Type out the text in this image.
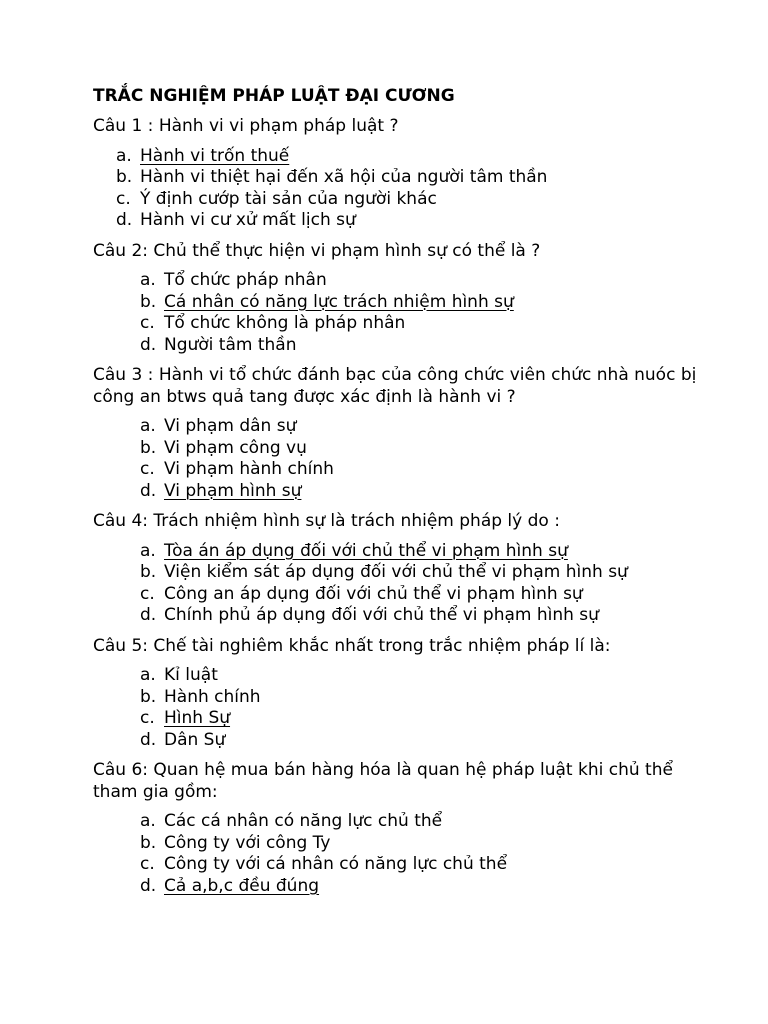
TRẮC NGHIỆM PHÁP LUẬT ĐẠI CƯƠNG
Câu 1 : Hành vi vi phạm pháp luật ?
a. Hành vi trốn thuế
b. Hành vi thiệt hại đến xã hội của người tâm thần
c. Ý định cướp tài sản của người khác
d. Hành vi cư xử mất lịch sự
Câu 2: Chủ thể thực hiện vi phạm hình sự có thể là ?
a. Tổ chức pháp nhân
b. Cá nhân có năng lực trách nhiệm hình sự
c. Tổ chức không là pháp nhân
d. Người tâm thần
Câu 3 : Hành vi tổ chức đánh bạc của công chức viên chức nhà nuóc bị công an btws quả tang được xác định là hành vi ?
a. Vi phạm dân sự
b. Vi phạm công vụ
c. Vi phạm hành chính
d. Vi phạm hình sự
Câu 4: Trách nhiệm hình sự là trách nhiệm pháp lý do :
a. Tòa án áp dụng đối với chủ thể vi phạm hình sự
b. Viện kiểm sát áp dụng đối với chủ thể vi phạm hình sự
c. Công an áp dụng đối với chủ thể vi phạm hình sự
d. Chính phủ áp dụng đối với chủ thể vi phạm hình sự
Câu 5: Chế tài nghiêm khắc nhất trong trắc nhiệm pháp lí là:
a. Kỉ luật
b. Hành chính
c. Hình Sự
d. Dân Sự
Câu 6: Quan hệ mua bán hàng hóa là quan hệ pháp luật khi chủ thể tham gia gồm:
a. Các cá nhân có năng lực chủ thể
b. Công ty với công Ty
c. Công ty với cá nhân có năng lực chủ thể
d. Cả a,b,c đều đúng
